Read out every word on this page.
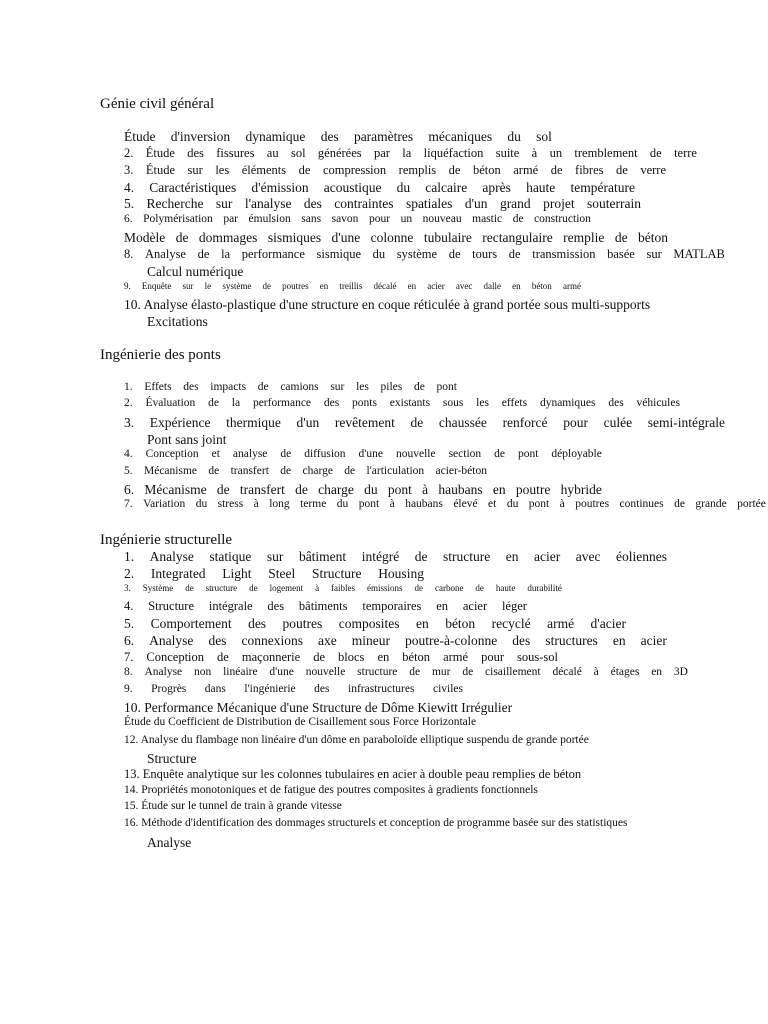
Génie civil général
Étude d'inversion dynamique des paramètres mécaniques du sol
2. Étude des fissures au sol générées par la liquéfaction suite à un tremblement de terre
3. Étude sur les éléments de compression remplis de béton armé de fibres de verre
4. Caractéristiques d'émission acoustique du calcaire après haute température
5. Recherche sur l'analyse des contraintes spatiales d'un grand projet souterrain
6. Polymérisation par émulsion sans savon pour un nouveau mastic de construction
Modèle de dommages sismiques d'une colonne tubulaire rectangulaire remplie de béton
8. Analyse de la performance sismique du système de tours de transmission basée sur MATLAB
Calcul numérique
9. Enquête sur le système de poutres en treillis décalé en acier avec dalle en béton armé
10. Analyse élasto-plastique d'une structure en coque réticulée à grand portée sous multi-supports
Excitations
Ingénierie des ponts
1. Effets des impacts de camions sur les piles de pont
2. Évaluation de la performance des ponts existants sous les effets dynamiques des véhicules
3. Expérience thermique d'un revêtement de chaussée renforcé pour culée semi-intégrale
Pont sans joint
4. Conception et analyse de diffusion d'une nouvelle section de pont déployable
5. Mécanisme de transfert de charge de l'articulation acier-béton
6. Mécanisme de transfert de charge du pont à haubans en poutre hybride
7. Variation du stress à long terme du pont à haubans élevé et du pont à poutres continues de grande portée
Ingénierie structurelle
1. Analyse statique sur bâtiment intégré de structure en acier avec éoliennes
2. Integrated Light Steel Structure Housing
3. Système de structure de logement à faibles émissions de carbone de haute durabilité
4. Structure intégrale des bâtiments temporaires en acier léger
5. Comportement des poutres composites en béton recyclé armé d'acier
6. Analyse des connexions axe mineur poutre-à-colonne des structures en acier
7. Conception de maçonnerie de blocs en béton armé pour sous-sol
8. Analyse non linéaire d'une nouvelle structure de mur de cisaillement décalé à étages en 3D
9. Progrès dans l'ingénierie des infrastructures civiles
10. Performance Mécanique d'une Structure de Dôme Kiewitt Irrégulier
Étude du Coefficient de Distribution de Cisaillement sous Force Horizontale
12. Analyse du flambage non linéaire d'un dôme en paraboloïde elliptique suspendu de grande portée
Structure
13. Enquête analytique sur les colonnes tubulaires en acier à double peau remplies de béton
14. Propriétés monotoniques et de fatigue des poutres composites à gradients fonctionnels
15. Étude sur le tunnel de train à grande vitesse
16. Méthode d'identification des dommages structurels et conception de programme basée sur des statistiques
Analyse
